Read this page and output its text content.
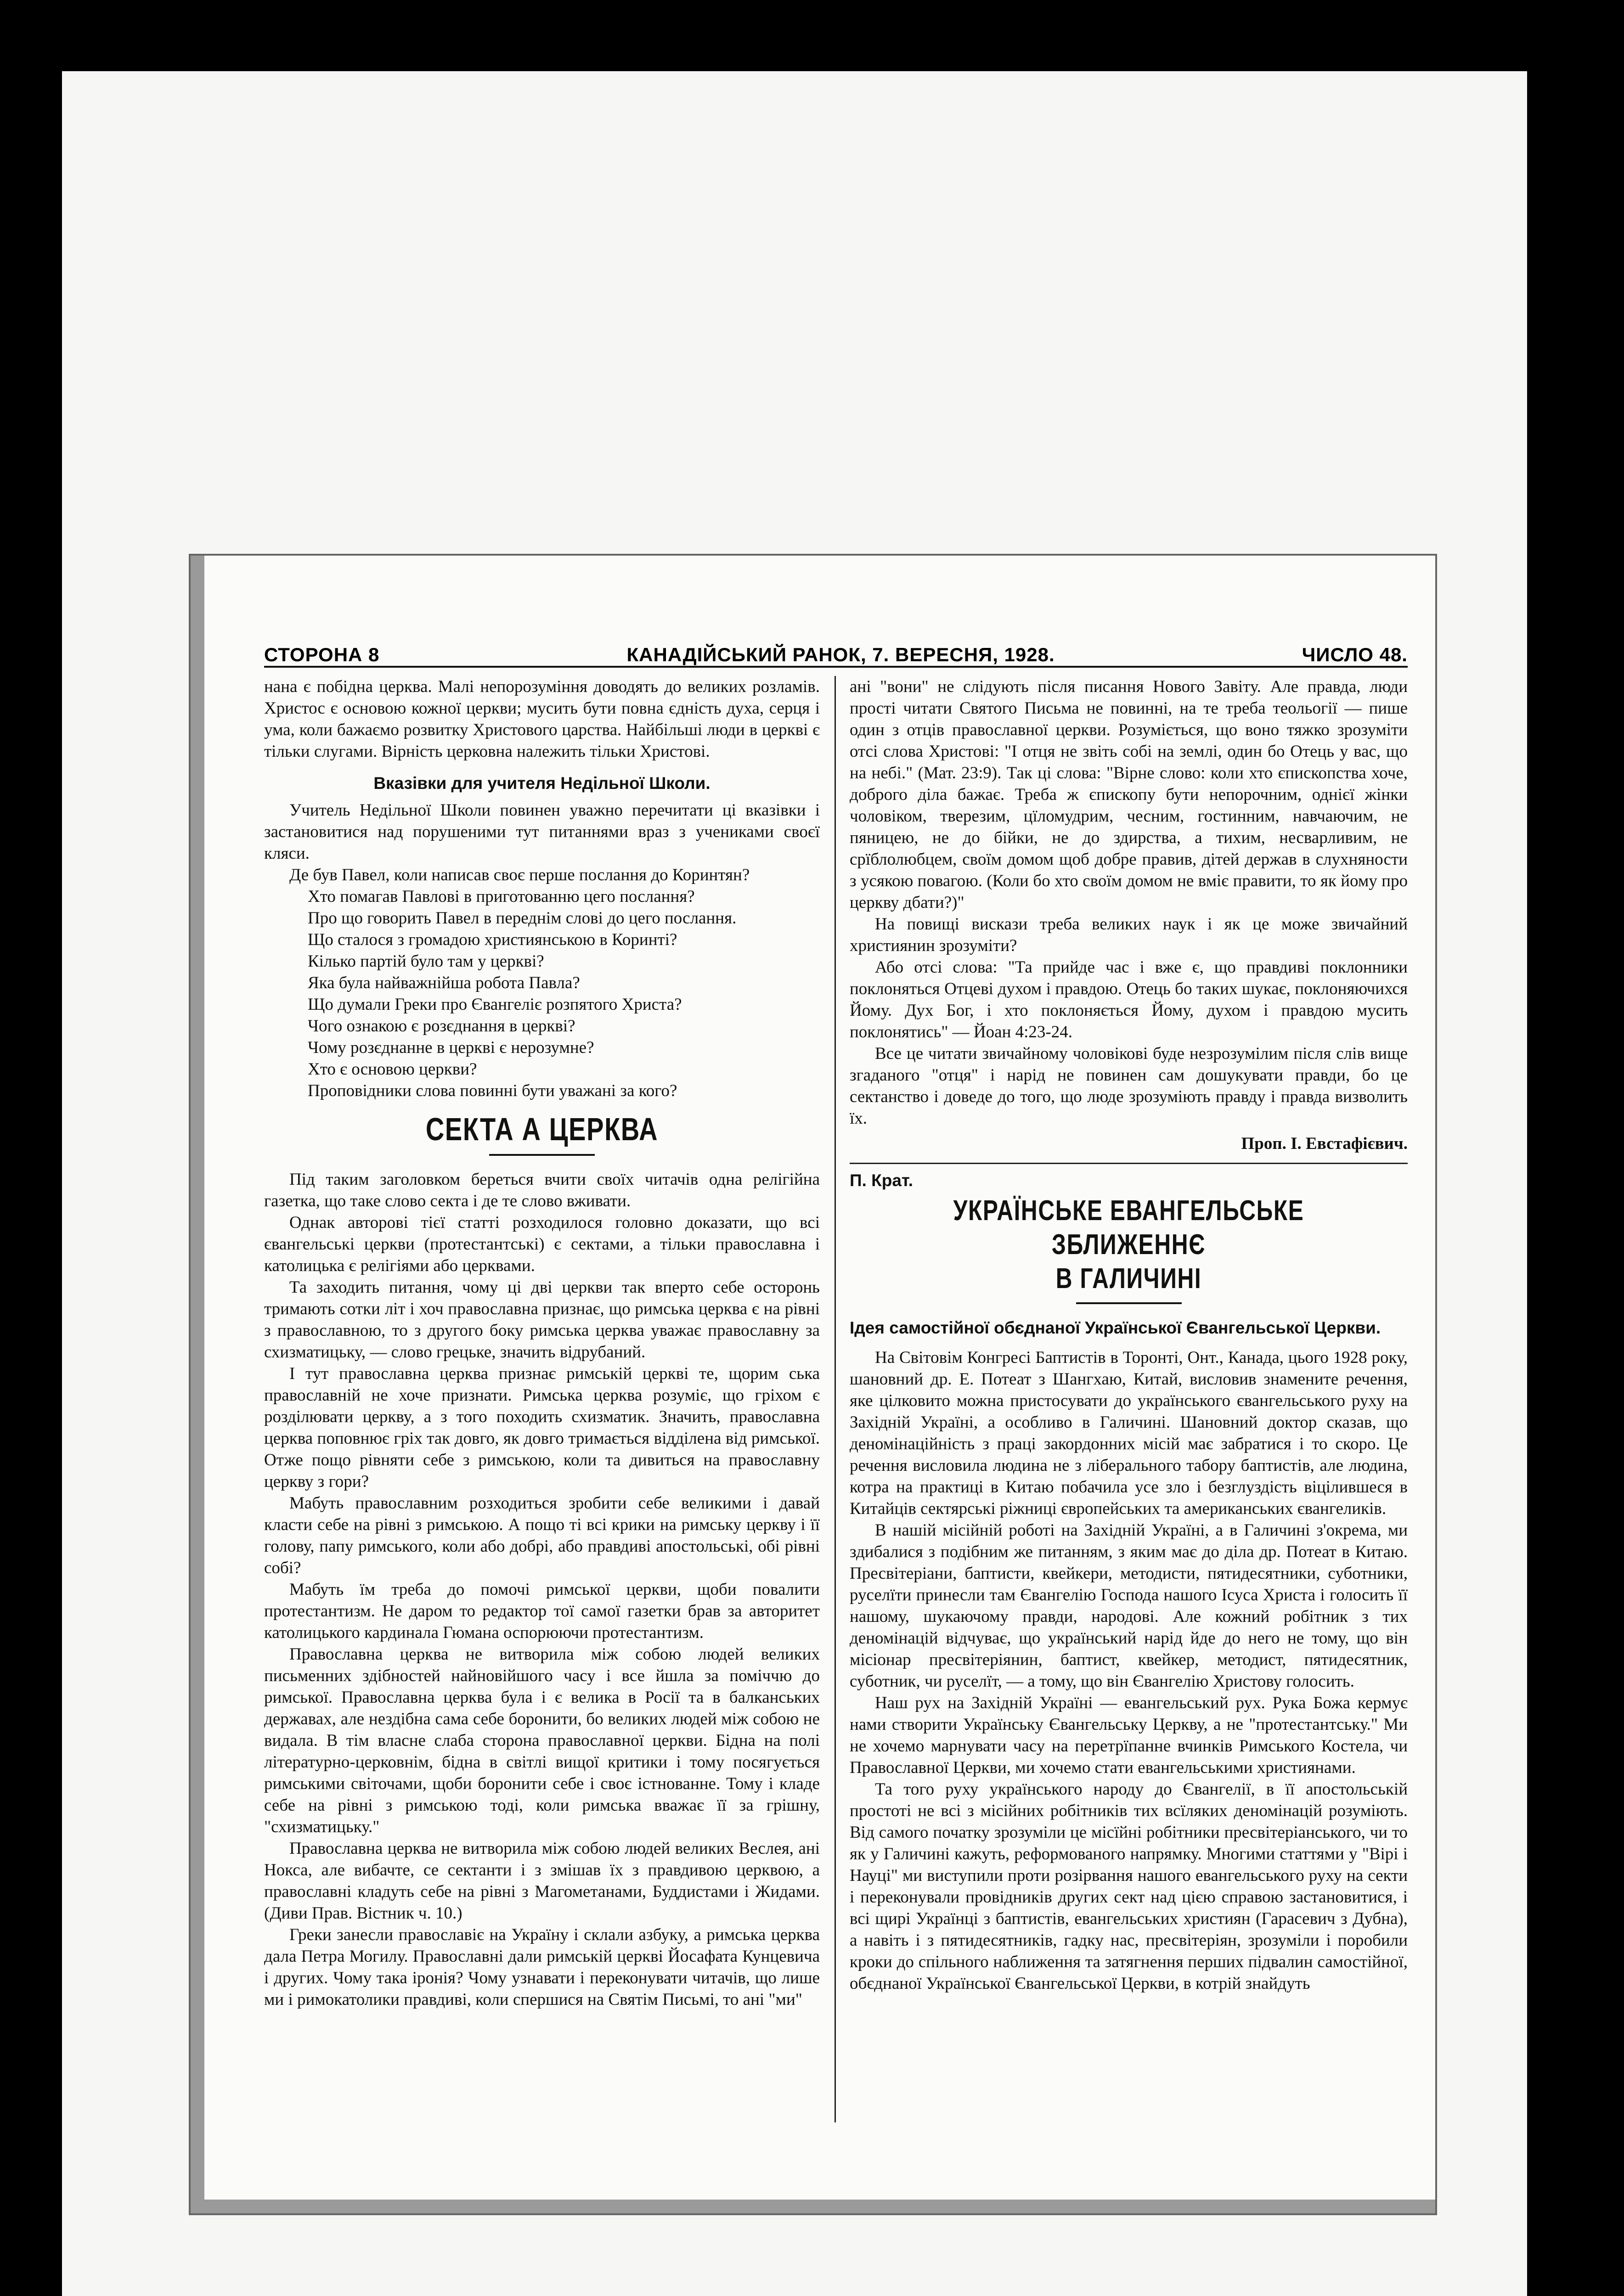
СТОРОНА 8	КАНАДІЙСЬКИЙ РАНОК, 7. ВЕРЕСНЯ, 1928.	ЧИСЛО 48.

нана є побідна церква. Малі непорозуміння доводять до великих розламів. Христос є основою кожної церкви; мусить бути повна єдність духа, серця і ума, коли бажаємо розвитку Христового царства. Найбільші люди в церкві є тільки слугами. Вірність церковна належить тільки Христові.

Вказівки для учителя Недільної Школи.

Учитель Недільної Школи повинен уважно перечитати ці вказівки і застановитися над порушеними тут питаннями враз з учениками своєї кляси.

Де був Павел, коли написав своє перше послання до Коринтян?

Хто помагав Павлові в приготованню цего послання?

Про що говорить Павел в переднім слові до цего послання.

Що сталося з громадою християнською в Коринті?

Кілько партій було там у церкві?

Яка була найважнійша робота Павла?

Що думали Греки про Євангеліє розпятого Христа?

Чого ознакою є розєднання в церкві?

Чому розєднанне в церкві є нерозумне?

Хто є основою церкви?

Проповідники слова повинні бути уважані за кого?

СЕКТА А ЦЕРКВА

Під таким заголовком береться вчити своїх читачів одна релігійна газетка, що таке слово секта і де те слово вживати.

Однак авторові тієї статті розходилося головно доказати, що всі євангельські церкви (протестантські) є сектами, а тільки православна і католицька є релігіями або церквами.

Та заходить питання, чому ці дві церкви так вперто себе осторонь тримають сотки літ і хоч православна признає, що римська церква є на рівні з православною, то з другого боку римська церква уважає православну за схизматицьку, — слово грецьке, значить відрубаний.

І тут православна церква признає римській церкві те, щорим ська православній не хоче признати. Римська церква розуміє, що гріхом є розділювати церкву, а з того походить схизматик. Значить, православна церква поповнює гріх так довго, як довго тримається відділена від римської. Отже пощо рівняти себе з римською, коли та дивиться на православну церкву з гори?

Мабуть православним розходиться зробити себе великими і давай класти себе на рівні з римською. А пощо ті всі крики на римську церкву і її голову, папу римського, коли або добрі, або правдиві апостольські, обі рівні собі?

Мабуть їм треба до помочі римської церкви, щоби повалити протестантизм. Не даром то редактор тої самої газетки брав за авторитет католицького кардинала Гюмана оспорюючи протестантизм.

Православна церква не витворила між собою людей великих письменних здібностей найновійшого часу і все йшла за поміччю до римської. Православна церква була і є велика в Росії та в балканських державах, але нездібна сама себе боронити, бо великих людей між собою не видала. В тім власне слаба сторона православної церкви. Бідна на полі літературно-церковнім, бідна в світлі вищої критики і тому посягується римськими світочами, щоби боронити себе і своє істнованне. Тому і кладе себе на рівні з римською тоді, коли римська вважає її за грішну, "схизматицьку."

Православна церква не витворила між собою людей великих Веслея, ані Нокса, але вибачте, се сектанти і з змішав їх з правдивою церквою, а православні кладуть себе на рівні з Магометанами, Буддистами і Жидами. (Диви Прав. Вістник ч. 10.)

Греки занесли православіє на Україну і склали азбуку, а римська церква дала Петра Могилу. Православні дали римській церкві Йосафата Кунцевича і других. Чому така іронія? Чому узнавати і переконувати читачів, що лише ми і римокатолики правдиві, коли спершися на Святім Письмі, то ані "ми"

ані "вони" не слідують після писання Нового Завіту. Але правда, люди прості читати Святого Письма не повинні, на те треба теольогії — пише один з отців православної церкви. Розуміється, що воно тяжко зрозуміти отсі слова Христові: "І отця не звіть собі на землі, один бо Отець у вас, що на небі." (Мат. 23:9). Так ці слова: "Вірне слово: коли хто єпископства хоче, доброго діла бажає. Треба ж єпископу бути непорочним, однієї жінки чоловіком, тверезим, цїломудрим, чесним, гостинним, навчаючим, не пяницею, не до бійки, не до здирства, а тихим, несварливим, не срїблолюбцем, своїм домом щоб добре правив, дітей держав в слухняности з усякою повагою. (Коли бо хто своїм домом не вміє правити, то як йому про церкву дбати?)"

На повищі вискази треба великих наук і як це може звичайний християнин зрозуміти?

Або отсі слова: "Та прийде час і вже є, що правдиві поклонники поклоняться Отцеві духом і правдою. Отець бо таких шукає, поклоняючихся Йому. Дух Бог, і хто поклоняється Йому, духом і правдою мусить поклонятись" — Йоан 4:23-24.

Все це читати звичайному чоловікові буде незрозумілим після слів вище згаданого "отця" і нарід не повинен сам дошукувати правди, бо це сектанство і доведе до того, що люде зрозуміють правду і правда визволить їх.

Проп. І. Евстафієвич.

П. Крат.

УКРАЇНСЬКЕ ЕВАНГЕЛЬСЬКЕ ЗБЛИЖЕННЄ
В ГАЛИЧИНІ

Ідея самостійної обєднаної Української Євангельської Церкви.

На Світовім Конгресі Баптистів в Торонті, Онт., Канада, цього 1928 року, шановний др. Е. Потеат з Шангхаю, Китай, висловив знамените речення, яке цілковито можна пристосувати до українського євангельського руху на Західній Україні, а особливо в Галичині. Шановний доктор сказав, що деномінаційність з праці закордонних місій має забратися і то скоро. Це речення висловила людина не з ліберального табору баптистів, але людина, котра на практиці в Китаю побачила усе зло і безглуздість віцілившеся в Китайців сектярські ріжниці європейських та американських євангеликів.

В нашій місійній роботі на Західній Україні, а в Галичині з'окрема, ми здибалися з подібним же питанням, з яким має до діла др. Потеат в Китаю. Пресвітеріани, баптисти, квейкери, методисти, пятидесятники, суботники, руселїти принесли там Євангелію Господа нашого Ісуса Христа і голосить її нашому, шукаючому правди, народові. Але кожний робітник з тих деномінацій відчуває, що український нарід йде до него не тому, що він місіонар пресвітеріянин, баптист, квейкер, методист, пятидесятник, суботник, чи руселїт, — а тому, що він Євангелію Христову голосить.

Наш рух на Західній Україні — евангельський рух. Рука Божа кермує нами створити Українську Євангельську Церкву, а не "протестантську." Ми не хочемо марнувати часу на перетрїпанне вчинків Римського Костела, чи Православної Церкви, ми хочемо стати евангельськими християнами.

Та того руху українського народу до Євангелії, в її апостольській простоті не всі з місійних робітників тих всїляких деномінацій розуміють. Від самого початку зрозуміли це місїйні робітники пресвітеріанського, чи то як у Галичині кажуть, реформованого напрямку. Многими статтями у "Вірі і Науці" ми виступили проти розірвання нашого евангельського руху на секти і переконували провідників других сект над цією справою застановитися, і всі щирі Українці з баптистів, евангельських християн (Гарасевич з Дубна), а навіть і з пятидесятників, гадку нас, пресвітеріян, зрозуміли і поробили кроки до спільного наближення та затягнення перших підвалин самостійної, обєднаної Української Євангельської Церкви, в котрій знайдуть
